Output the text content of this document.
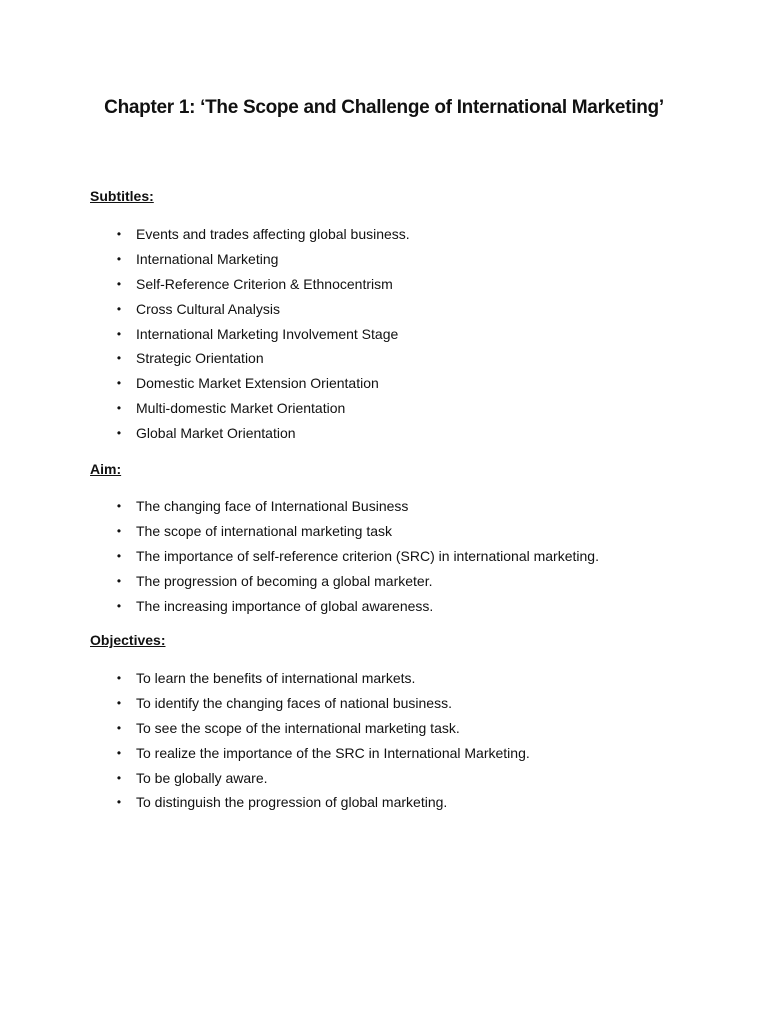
Chapter 1: ‘The Scope and Challenge of International Marketing’
Subtitles:
• Events and trades affecting global business.
• International Marketing
• Self-Reference Criterion & Ethnocentrism
• Cross Cultural Analysis
• International Marketing Involvement Stage
• Strategic Orientation
• Domestic Market Extension Orientation
• Multi-domestic Market Orientation
• Global Market Orientation
Aim:
• The changing face of International Business
• The scope of international marketing task
• The importance of self-reference criterion (SRC) in international marketing.
• The progression of becoming a global marketer.
• The increasing importance of global awareness.
Objectives:
• To learn the benefits of international markets.
• To identify the changing faces of national business.
• To see the scope of the international marketing task.
• To realize the importance of the SRC in International Marketing.
• To be globally aware.
• To distinguish the progression of global marketing.
